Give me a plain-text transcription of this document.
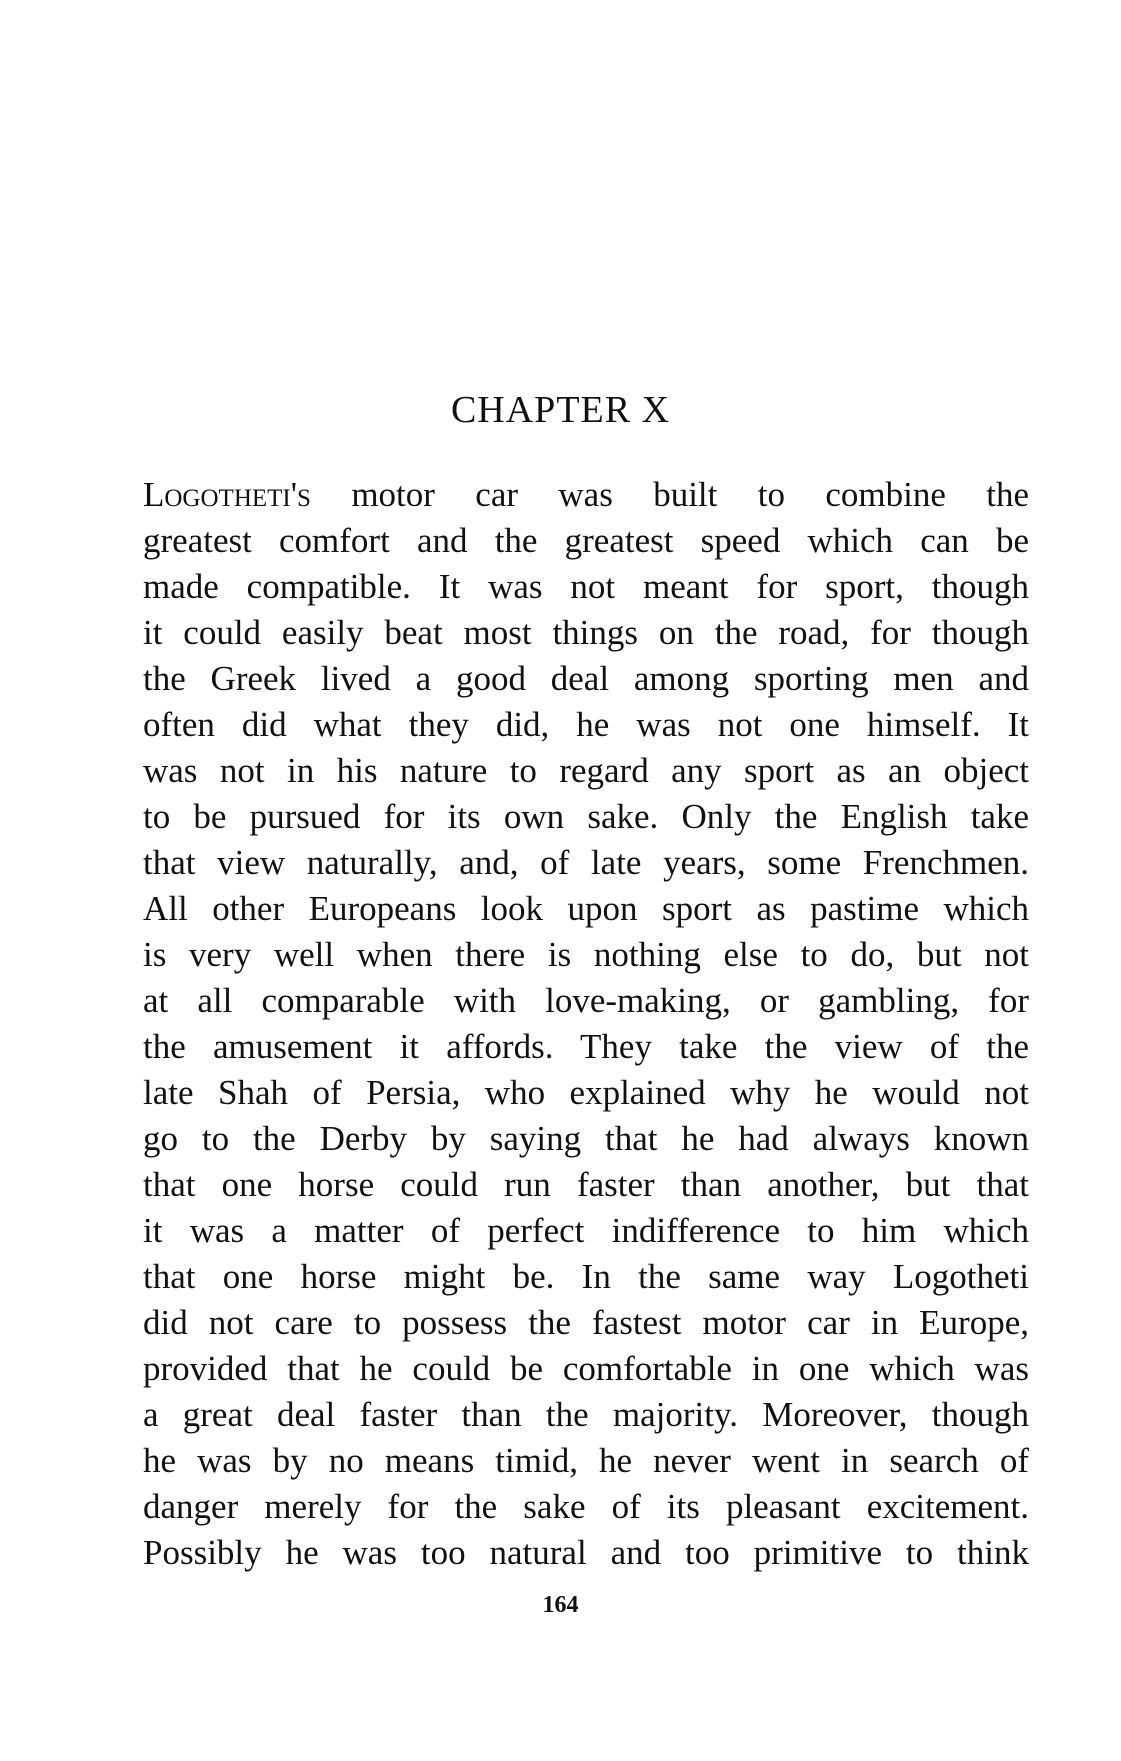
CHAPTER X
Logotheti's motor car was built to combine the
greatest comfort and the greatest speed which can be
made compatible. It was not meant for sport, though
it could easily beat most things on the road, for though
the Greek lived a good deal among sporting men and
often did what they did, he was not one himself. It
was not in his nature to regard any sport as an object
to be pursued for its own sake. Only the English take
that view naturally, and, of late years, some Frenchmen.
All other Europeans look upon sport as pastime which
is very well when there is nothing else to do, but not
at all comparable with love-making, or gambling, for
the amusement it affords. They take the view of the
late Shah of Persia, who explained why he would not
go to the Derby by saying that he had always known
that one horse could run faster than another, but that
it was a matter of perfect indifference to him which
that one horse might be. In the same way Logotheti
did not care to possess the fastest motor car in Europe,
provided that he could be comfortable in one which was
a great deal faster than the majority. Moreover, though
he was by no means timid, he never went in search of
danger merely for the sake of its pleasant excitement.
Possibly he was too natural and too primitive to think
164
